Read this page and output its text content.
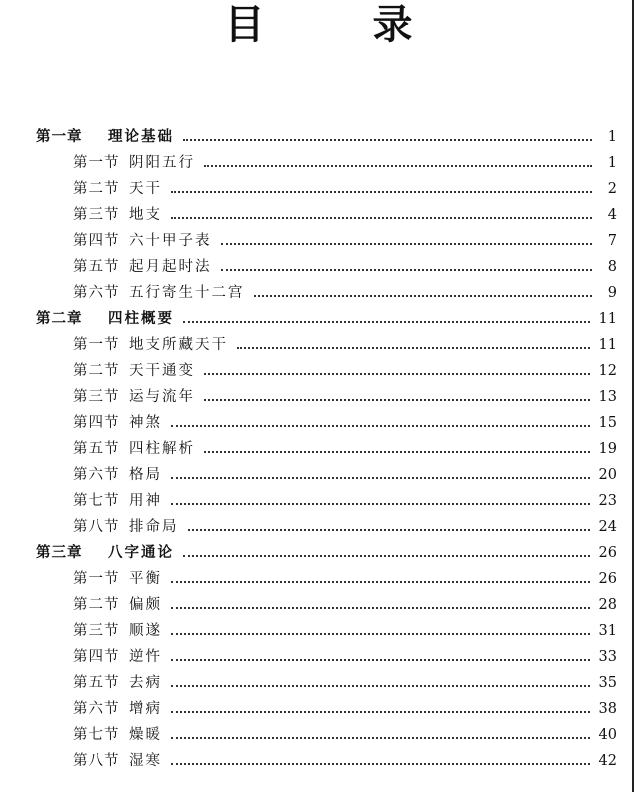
目　录
第一章	理论基础	1
第一节 阴阳五行	1
第二节 天干	2
第三节 地支	4
第四节 六十甲子表	7
第五节 起月起时法	8
第六节 五行寄生十二宫	9
第二章	四柱概要	11
第一节 地支所藏天干	11
第二节 天干通变	12
第三节 运与流年	13
第四节 神煞	15
第五节 四柱解析	19
第六节 格局	20
第七节 用神	23
第八节 排命局	24
第三章	八字通论	26
第一节 平衡	26
第二节 偏颇	28
第三节 顺遂	31
第四节 逆忤	33
第五节 去病	35
第六节 增病	38
第七节 燥暖	40
第八节 湿寒	42
